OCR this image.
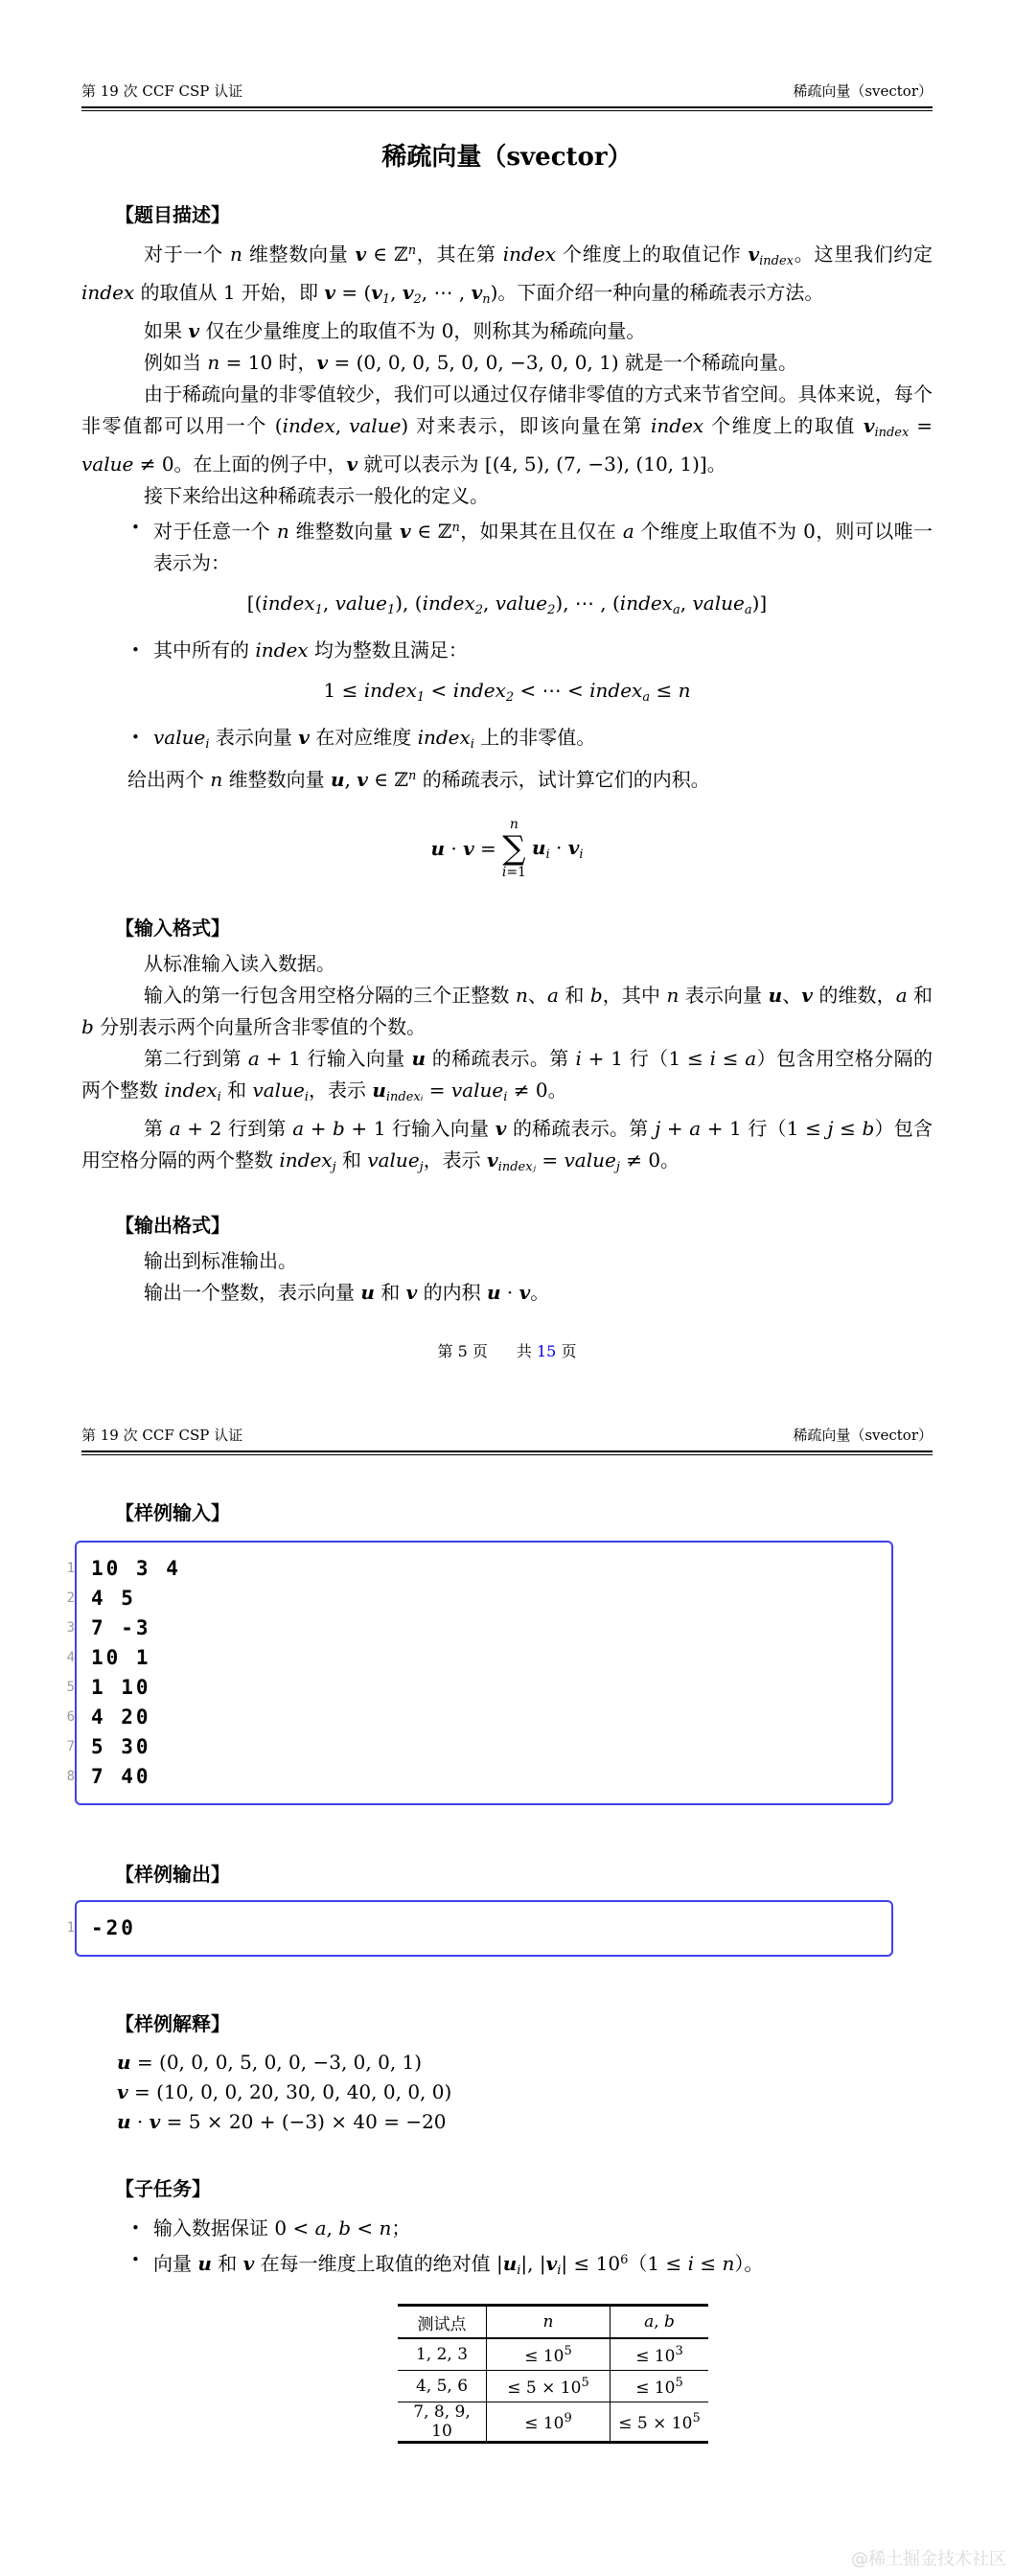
第 19 次 CCF CSP 认证	稀疏向量（svector）
稀疏向量（svector）
【题目描述】

对于一个 n 维整数向量 v ∈ ℤ$^n$，其在第 index 个维度上的取值记作 $v_{index}$。这里我们约定 index 的取值从 1 开始，即 $v = (v_1$, $v_2$, ⋯ , $v_n$)。下面介绍一种向量的稀疏表示方法。

如果 v 仅在少量维度上的取值不为 0，则称其为稀疏向量。

例如当 n = 10 时，v = (0, 0, 0, 5, 0, 0, −3, 0, 0, 1) 就是一个稀疏向量。

由于稀疏向量的非零值较少，我们可以通过仅存储非零值的方式来节省空间。具体来说，每个非零值都可以用一个 (index, value) 对来表示，即该向量在第 index 个维度上的取值 $v_{index}$ = value ≠ 0。在上面的例子中，v 就可以表示为 [(4, 5), (7, −3), (10, 1)]。

接下来给出这种稀疏表示一般化的定义。

• 对于任意一个 n 维整数向量 v ∈ ℤ$^n$，如果其在且仅在 a 个维度上取值不为 0，则可以唯一表示为：
[(index$_1$, value$_1$), (index$_2$, value$_2$), ⋯ , (index$_a$, value$_a$)]
• 其中所有的 index 均为整数且满足：
1 ≤ index$_1$ < index$_2$ < ⋯ < index$_a$ ≤ n
• value$_i$ 表示向量 v 在对应维度 index$_i$ 上的非零值。

给出两个 n 维整数向量 u, v ∈ ℤ$^n$ 的稀疏表示，试计算它们的内积。

u · v =
n
∑
i=1
$u_i \cdot v_i$
【输入格式】

从标准输入读入数据。

输入的第一行包含用空格分隔的三个正整数 n、a 和 b，其中 n 表示向量 u、v 的维数，a 和 b 分别表示两个向量所含非零值的个数。

第二行到第 a + 1 行输入向量 u 的稀疏表示。第 i + 1 行（1 ≤ i ≤ a）包含用空格分隔的两个整数 index$_i$ 和 value$_i$，表示 $u_{indexᵢ}$ = value$_i$ ≠ 0。

第 a + 2 行到第 a + b + 1 行输入向量 v 的稀疏表示。第 j + a + 1 行（1 ≤ j ≤ b）包含用空格分隔的两个整数 index$_j$ 和 value$_j$，表示 $v_{indexⱼ}$ = value$_j$ ≠ 0。

【输出格式】

输出到标准输出。

输出一个整数，表示向量 u 和 v 的内积 u · v。

第 5 页 共 15 页
第 19 次 CCF CSP 认证	稀疏向量（svector）
【样例输入】
1
2
3
4
5
6
7
8
10 3 4
4 5
7 -3
10 1
1 10
4 20
5 30
7 40
【样例输出】
1 -20
【样例解释】
u = (0, 0, 0, 5, 0, 0, −3, 0, 0, 1)
v = (10, 0, 0, 20, 30, 0, 40, 0, 0, 0)
u · v = 5 × 20 + (−3) × 40 = −20
【子任务】
• 输入数据保证 0 < a, b < n；
• 向量 u 和 v 在每一维度上取值的绝对值 $|u_i|$, $|v_i| \le 10^6(1 \le i \le n)$。
测试点	n	a, b
1, 2, 3	≤ $10^5$	≤ $10^3$
4, 5, 6	≤ $5 \times 10^5$	≤ $10^5$
7, 8, 9, 10	≤ $10^9$	≤ $5 \times 10^5$
@稀土掘金技术社区
